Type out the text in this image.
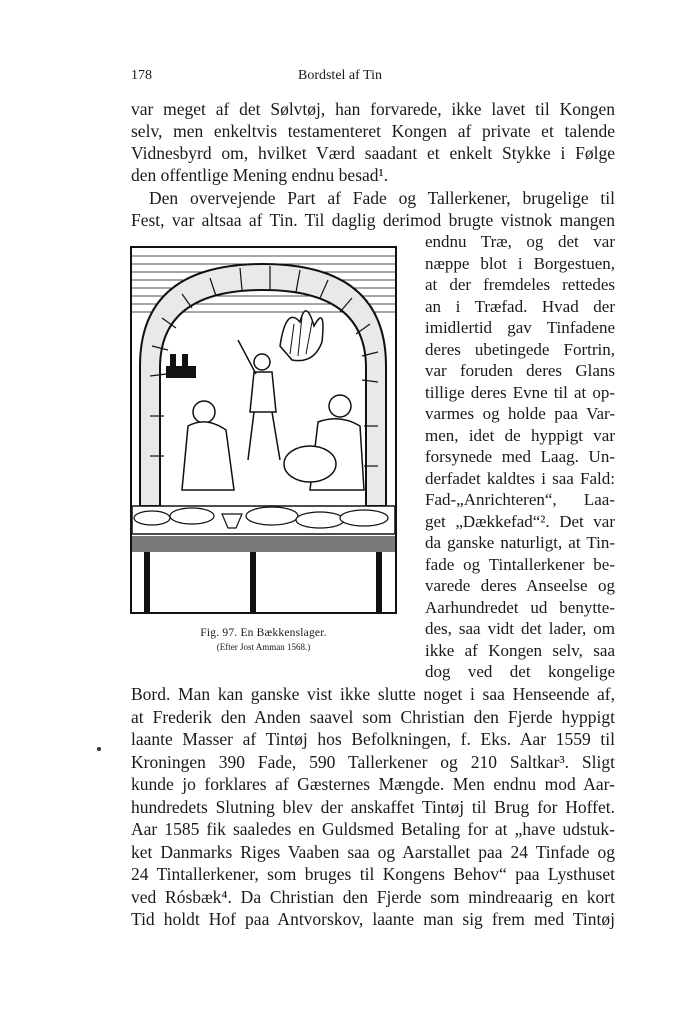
178	Bordstel af Tin
var meget af det Sølvtøj, han forvarede, ikke lavet til Kongen
selv, men enkeltvis testamenteret Kongen af private et talende
Vidnesbyrd om, hvilket Værd saadant et enkelt Stykke i Følge
den offentlige Mening endnu besad¹.
Den overvejende Part af Fade og Tallerkener, brugelige til
Fest, var altsaa af Tin. Til daglig derimod brugte vistnok mangen
Fig. 97. En Bækkenslager.
(Efter Jost Amman 1568.)
endnu Træ, og det var
næppe blot i Borgestuen,
at der fremdeles rettedes
an i Træfad. Hvad der
imidlertid gav Tinfadene
deres ubetingede Fortrin,
var foruden deres Glans
tillige deres Evne til at op-
varmes og holde paa Var-
men, idet de hyppigt var
forsynede med Laag. Un-
derfadet kaldtes i saa Fald:
Fad-„Anrichteren“, Laa-
get „Dækkefad“². Det var
da ganske naturligt, at Tin-
fade og Tintallerkener be-
varede deres Anseelse og
Aarhundredet ud benytte-
des, saa vidt det lader, om
ikke af Kongen selv, saa
dog ved det kongelige
Bord. Man kan ganske vist ikke slutte noget i saa Henseende af,
at Frederik den Anden saavel som Christian den Fjerde hyppigt
laante Masser af Tintøj hos Befolkningen, f. Eks. Aar 1559 til
Kroningen 390 Fade, 590 Tallerkener og 210 Saltkar³. Sligt
kunde jo forklares af Gæsternes Mængde. Men endnu mod Aar-
hundredets Slutning blev der anskaffet Tintøj til Brug for Hoffet.
Aar 1585 fik saaledes en Guldsmed Betaling for at „have udstuk-
ket Danmarks Riges Vaaben saa og Aarstallet paa 24 Tinfade og
24 Tintallerkener, som bruges til Kongens Behov“ paa Lysthuset
ved Rósbæk⁴. Da Christian den Fjerde som mindreaarig en kort
Tid holdt Hof paa Antvorskov, laante man sig frem med Tintøj
